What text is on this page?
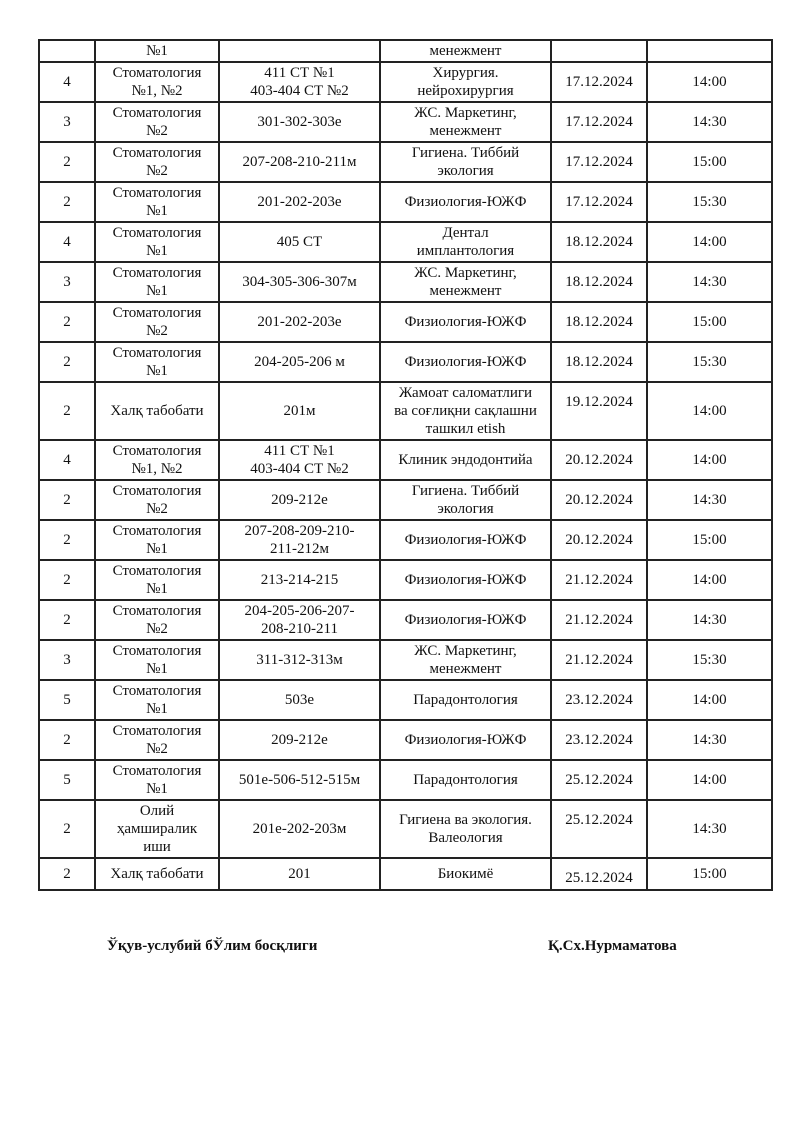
	№1		менежмент		

4	Стоматология
№1, №2	411 СТ №1
403-404 СТ №2	Хирургия.
нейрохирургия	17.12.2024	14:00

3	Стоматология
№2	301-302-303е	ЖС. Маркетинг,
менежмент	17.12.2024	14:30

2	Стоматология
№2	207-208-210-211м	Гигиена. Тиббий
экология	17.12.2024	15:00

2	Стоматология
№1	201-202-203е	Физиология-ЮЖФ	17.12.2024	15:30

4	Стоматология
№1	405 СТ	Дентал
имплантология	18.12.2024	14:00

3	Стоматология
№1	304-305-306-307м	ЖС. Маркетинг,
менежмент	18.12.2024	14:30

2	Стоматология
№2	201-202-203е	Физиология-ЮЖФ	18.12.2024	15:00

2	Стоматология
№1	204-205-206 м	Физиология-ЮЖФ	18.12.2024	15:30

2	Халқ табобати	201м	Жамоат саломатлиги
ва соғлиқни сақлашни
ташкил etish	19.12.2024	14:00

4	Стоматология
№1, №2	411 СТ №1
403-404 СТ №2	Клиник эндодонтийа	20.12.2024	14:00

2	Стоматология
№2	209-212е	Гигиена. Тиббий
экология	20.12.2024	14:30

2	Стоматология
№1	207-208-209-210-
211-212м	Физиология-ЮЖФ	20.12.2024	15:00

2	Стоматология
№1	213-214-215	Физиология-ЮЖФ	21.12.2024	14:00

2	Стоматология
№2	204-205-206-207-
208-210-211	Физиология-ЮЖФ	21.12.2024	14:30

3	Стоматология
№1	311-312-313м	ЖС. Маркетинг,
менежмент	21.12.2024	15:30

5	Стоматология
№1	503е	Парадонтология	23.12.2024	14:00

2	Стоматология
№2	209-212е	Физиология-ЮЖФ	23.12.2024	14:30

5	Стоматология
№1	501е-506-512-515м	Парадонтология	25.12.2024	14:00

2	Олий
ҳамширалик
иши	201е-202-203м	Гигиена ва экология.
Валеология	25.12.2024	14:30

2	Халқ табобати	201	Биокимё	25.12.2024	15:00
Ўқув-услубий бЎлим босқлиги	Қ.Сх.Нурмаматова
